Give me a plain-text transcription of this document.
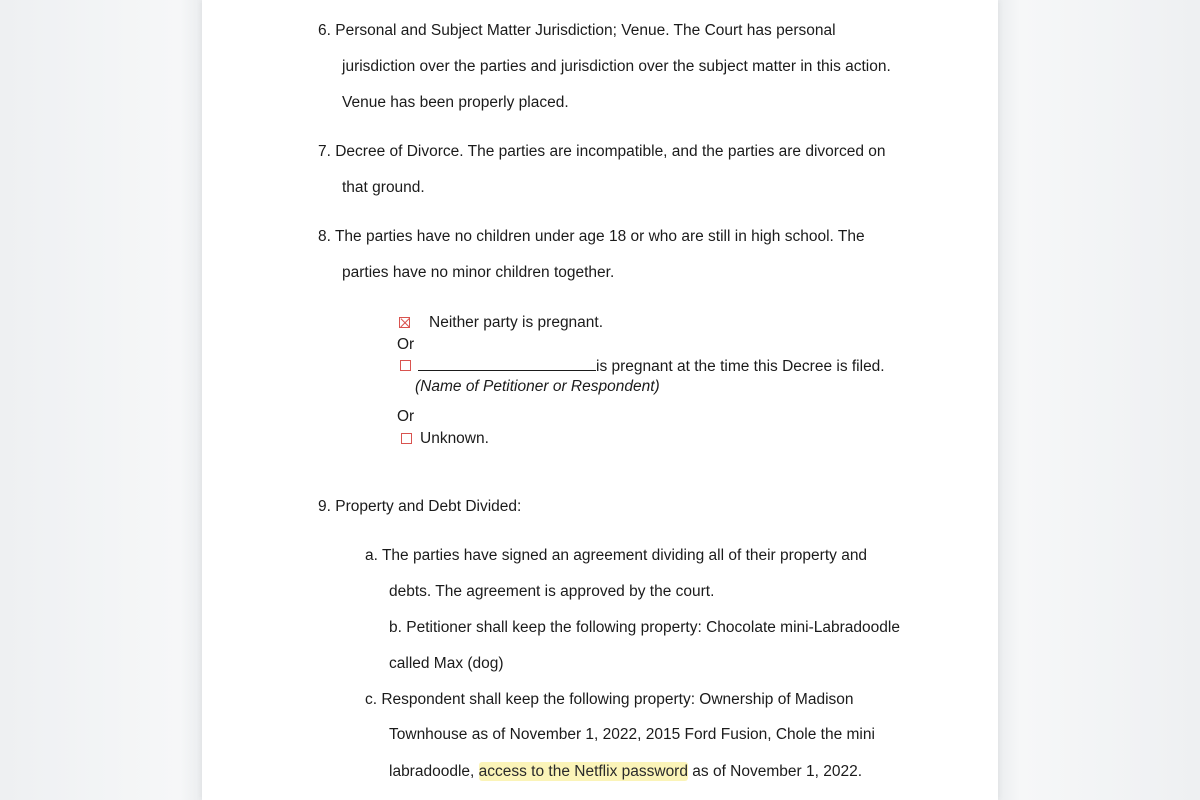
6. Personal and Subject Matter Jurisdiction; Venue. The Court has personal
jurisdiction over the parties and jurisdiction over the subject matter in this action.
Venue has been properly placed.
7. Decree of Divorce. The parties are incompatible, and the parties are divorced on
that ground.
8. The parties have no children under age 18 or who are still in high school. The
parties have no minor children together.
Neither party is pregnant.
Or
is pregnant at the time this Decree is filed.
(Name of Petitioner or Respondent)
Or
Unknown.
9. Property and Debt Divided:
a. The parties have signed an agreement dividing all of their property and
debts. The agreement is approved by the court.
b. Petitioner shall keep the following property: Chocolate mini-Labradoodle
called Max (dog)
c. Respondent shall keep the following property: Ownership of Madison
Townhouse as of November 1, 2022, 2015 Ford Fusion, Chole the mini
labradoodle, access to the Netflix password as of November 1, 2022.
